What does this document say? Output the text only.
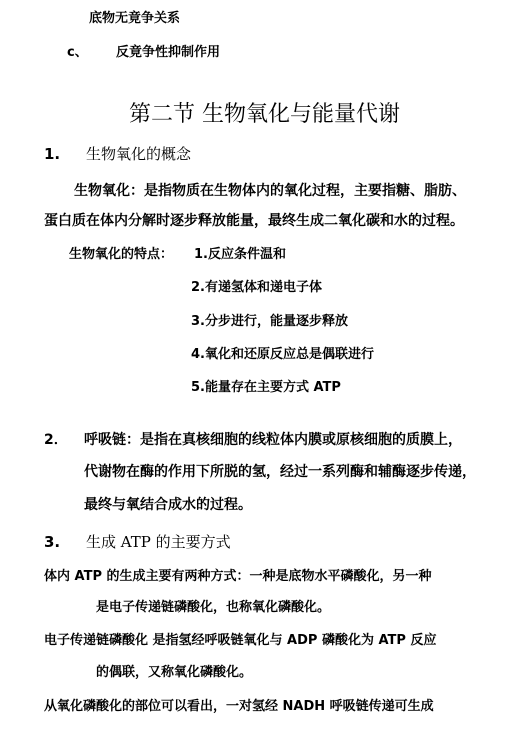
底物无竟争关系
c、 反竟争性抑制作用
第二节 生物氧化与能量代谢
1. 生物氧化的概念
生物氧化：是指物质在生物体内的氧化过程，主要指糖、脂肪、
蛋白质在体内分解时逐步释放能量，最终生成二氧化碳和水的过程。
生物氧化的特点： 1.反应条件温和
2.有递氢体和递电子体
3.分步进行，能量逐步释放
4.氧化和还原反应总是偶联进行
5.能量存在主要方式 ATP
2． 呼吸链：是指在真核细胞的线粒体内膜或原核细胞的质膜上，
代谢物在酶的作用下所脱的氢，经过一系列酶和辅酶逐步传递，
最终与氧结合成水的过程。
3. 生成 ATP 的主要方式
体内 ATP 的生成主要有两种方式：一种是底物水平磷酸化，另一种
是电子传递链磷酸化，也称氧化磷酸化。
电子传递链磷酸化 是指氢经呼吸链氧化与 ADP 磷酸化为 ATP 反应
的偶联，又称氧化磷酸化。
从氧化磷酸化的部位可以看出，一对氢经 NADH 呼吸链传递可生成
